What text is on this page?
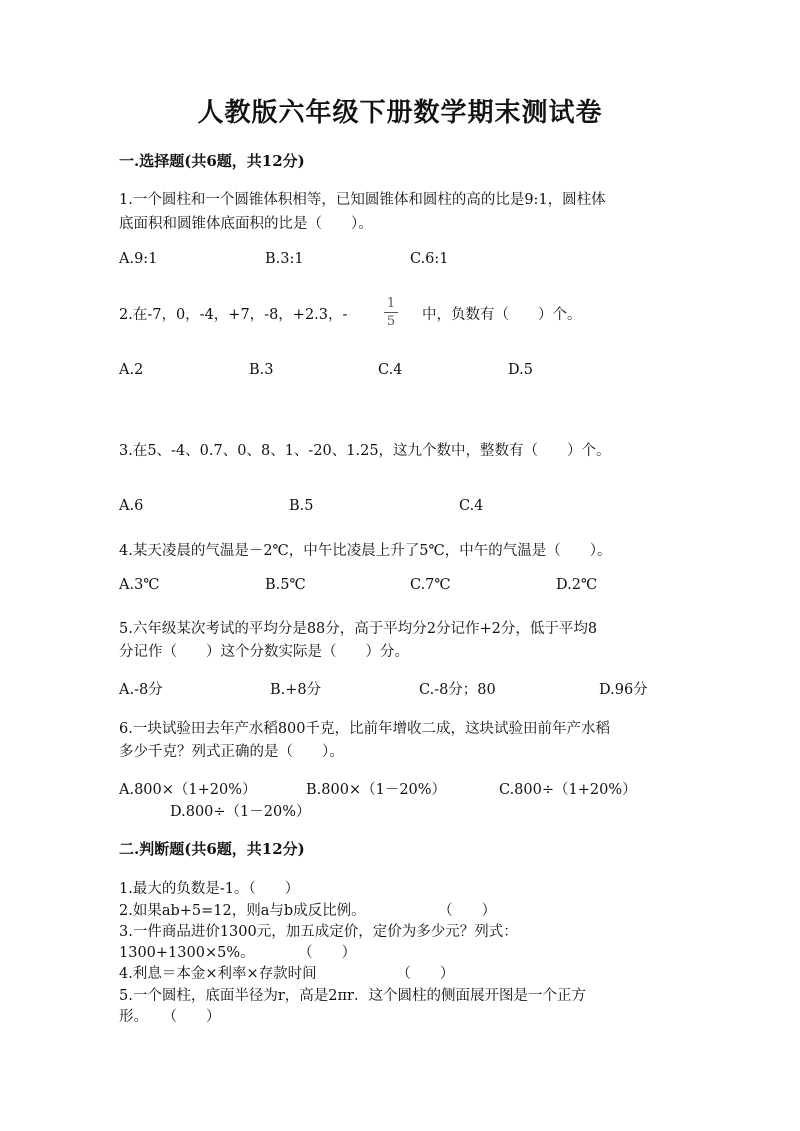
人教版六年级下册数学期末测试卷
一.选择题(共6题，共12分)
1.一个圆柱和一个圆锥体积相等，已知圆锥体和圆柱的高的比是9:1，圆柱体
底面积和圆锥体底面积的比是（　　）。
A.9:1	B.3:1	C.6:1
2.在-7，0，-4，+7，-8，+2.3，-
1
5	中，负数有（　　）个。
A.2	B.3	C.4	D.5
3.在5、-4、0.7、0、8、1、-20、1.25，这九个数中，整数有（　　）个。
A.6	B.5	C.4
4.某天凌晨的气温是－2℃，中午比凌晨上升了5℃，中午的气温是（　　）。
A.3℃	B.5℃	C.7℃	D.2℃
5.六年级某次考试的平均分是88分，高于平均分2分记作+2分，低于平均8
分记作（　　）这个分数实际是（　　）分。
A.-8分	B.+8分	C.-8分；80	D.96分
6.一块试验田去年产水稻800千克，比前年增收二成，这块试验田前年产水稻
多少千克？列式正确的是（　　）。
A.800×（1+20%）	B.800×（1－20%）	C.800÷（1+20%）
D.800÷（1－20%）
二.判断题(共6题，共12分)
1.最大的负数是-1。（　　）
2.如果ab+5=12，则a与b成反比例。　　　　　　（　　）
3.一件商品进价1300元，加五成定价，定价为多少元？列式：
1300+1300×5%。　　　　（　　）
4.利息＝本金×利率×存款时间　　　　　　（　　）
5.一个圆柱，底面半径为r，高是2πr．这个圆柱的侧面展开图是一个正方
形。　　（　　）
